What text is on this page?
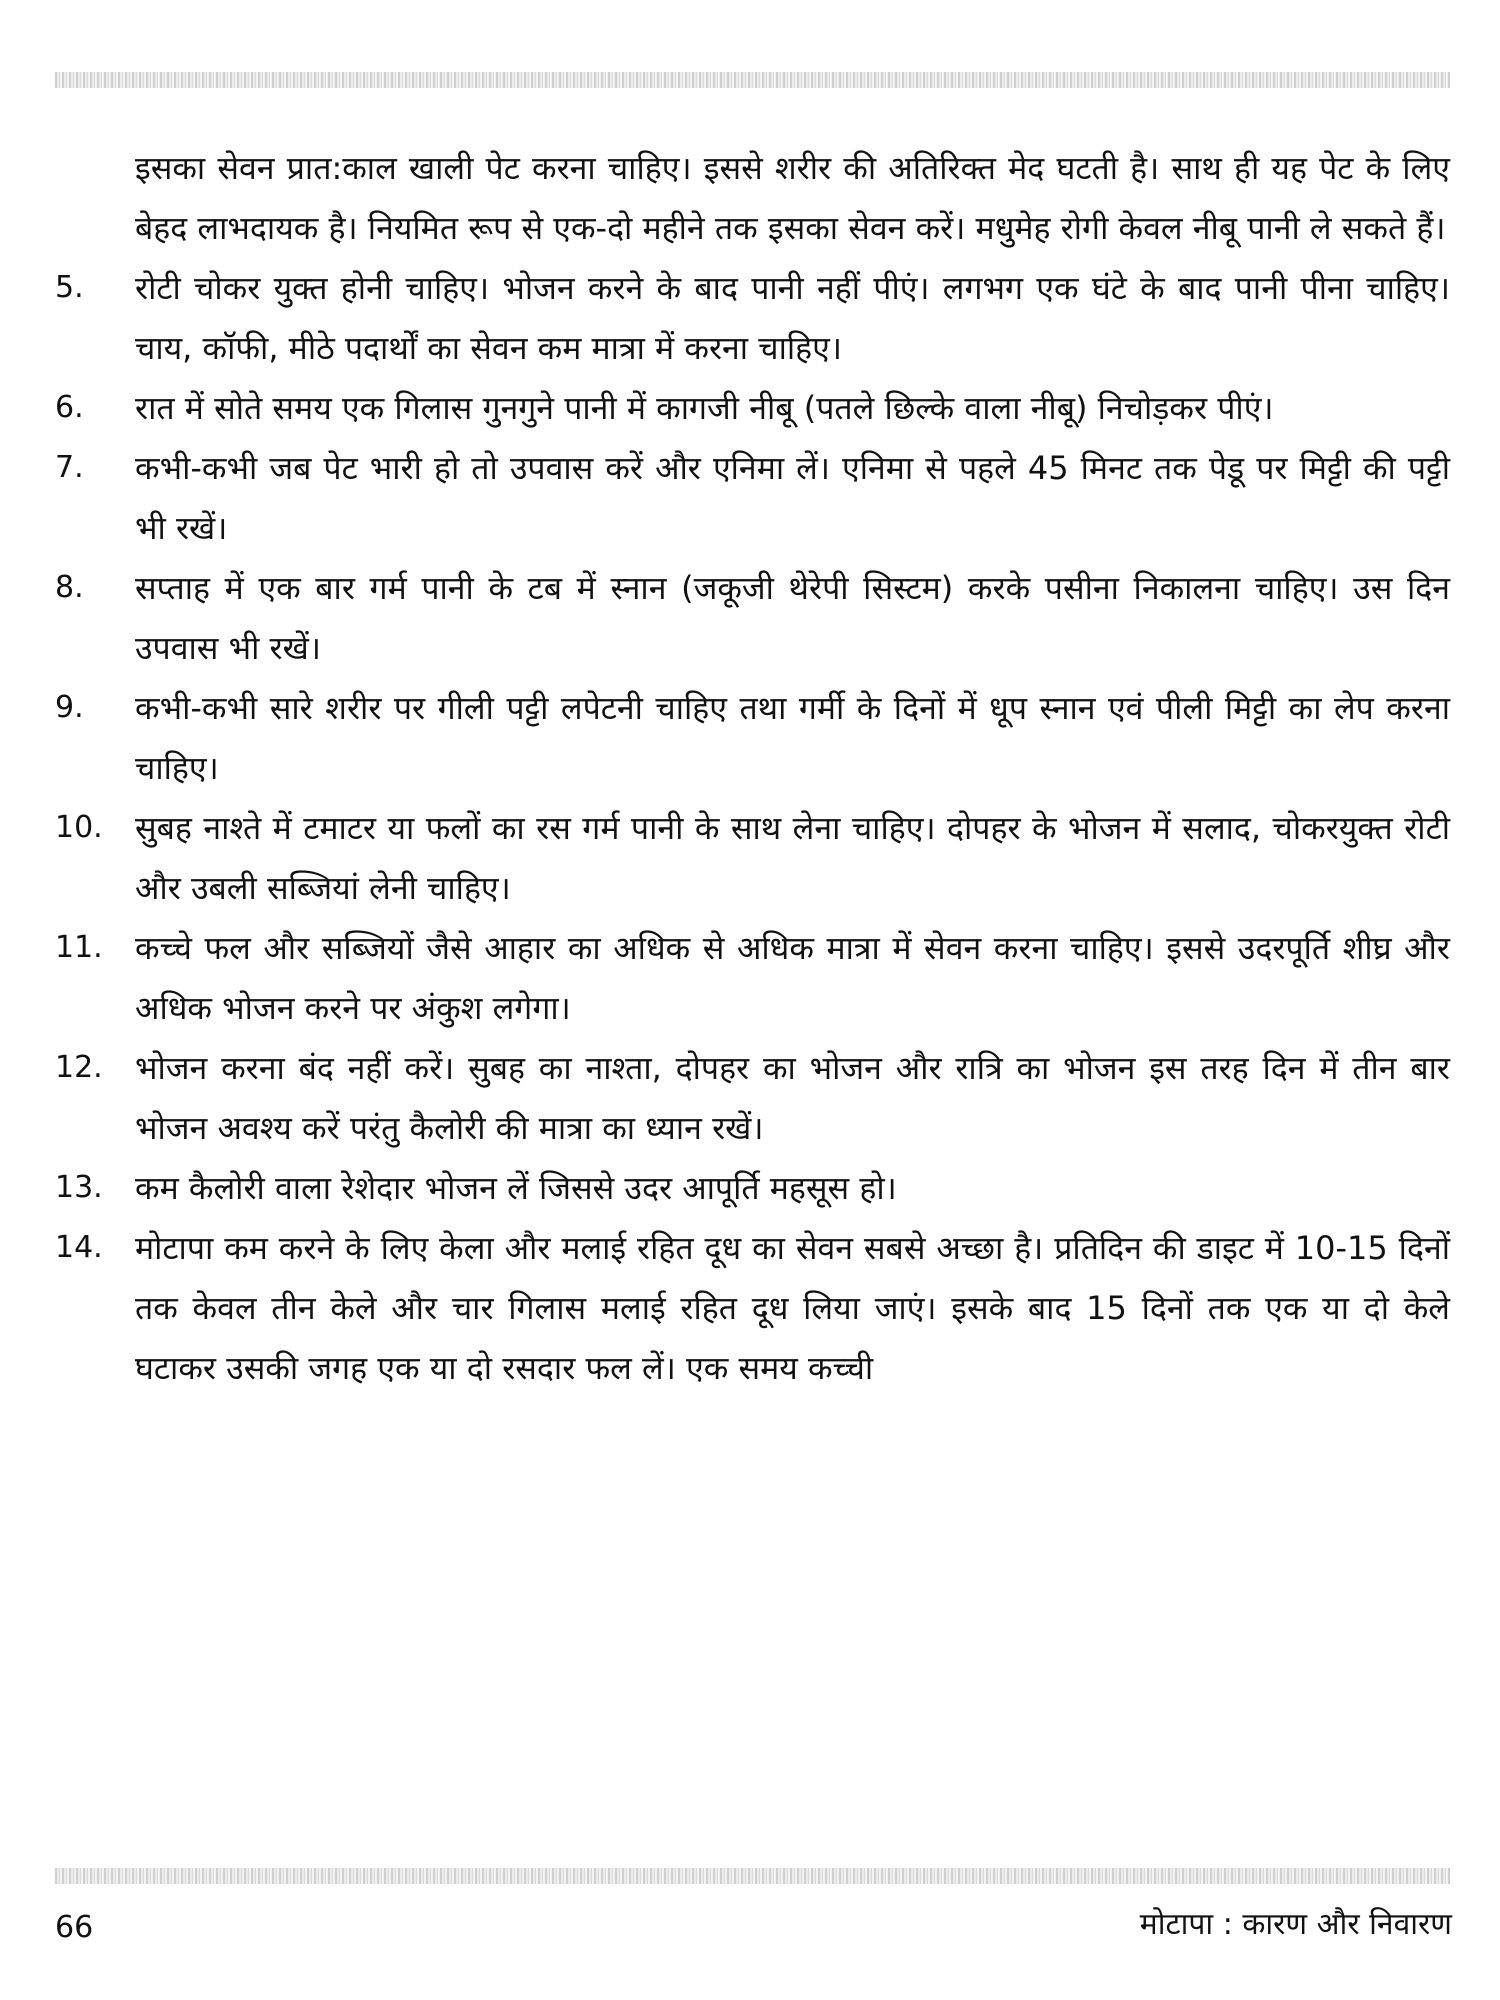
इसका सेवन प्रात:काल खाली पेट करना चाहिए। इससे शरीर की अतिरिक्त मेद घटती है। साथ ही यह पेट के लिए बेहद लाभदायक है। नियमित रूप से एक-दो महीने तक इसका सेवन करें। मधुमेह रोगी केवल नीबू पानी ले सकते हैं।
5.	रोटी चोकर युक्त होनी चाहिए। भोजन करने के बाद पानी नहीं पीएं। लगभग एक घंटे के बाद पानी पीना चाहिए। चाय, कॉफी, मीठे पदार्थों का सेवन कम मात्रा में करना चाहिए।
6.	रात में सोते समय एक गिलास गुनगुने पानी में कागजी नीबू (पतले छिल्के वाला नीबू) निचोड़कर पीएं।
7.	कभी-कभी जब पेट भारी हो तो उपवास करें और एनिमा लें। एनिमा से पहले 45 मिनट तक पेडू पर मिट्टी की पट्टी भी रखें।
8.	सप्ताह में एक बार गर्म पानी के टब में स्नान (जकूजी थेरेपी सिस्टम) करके पसीना निकालना चाहिए। उस दिन उपवास भी रखें।
9.	कभी-कभी सारे शरीर पर गीली पट्टी लपेटनी चाहिए तथा गर्मी के दिनों में धूप स्नान एवं पीली मिट्टी का लेप करना चाहिए।
10.	सुबह नाश्ते में टमाटर या फलों का रस गर्म पानी के साथ लेना चाहिए। दोपहर के भोजन में सलाद, चोकरयुक्त रोटी और उबली सब्जियां लेनी चाहिए।
11.	कच्चे फल और सब्जियों जैसे आहार का अधिक से अधिक मात्रा में सेवन करना चाहिए। इससे उदरपूर्ति शीघ्र और अधिक भोजन करने पर अंकुश लगेगा।
12.	भोजन करना बंद नहीं करें। सुबह का नाश्ता, दोपहर का भोजन और रात्रि का भोजन इस तरह दिन में तीन बार भोजन अवश्य करें परंतु कैलोरी की मात्रा का ध्यान रखें।
13.	कम कैलोरी वाला रेशेदार भोजन लें जिससे उदर आपूर्ति महसूस हो।
14.	मोटापा कम करने के लिए केला और मलाई रहित दूध का सेवन सबसे अच्छा है। प्रतिदिन की डाइट में 10-15 दिनों तक केवल तीन केले और चार गिलास मलाई रहित दूध लिया जाएं। इसके बाद 15 दिनों तक एक या दो केले घटाकर उसकी जगह एक या दो रसदार फल लें। एक समय कच्ची
66	मोटापा : कारण और निवारण
